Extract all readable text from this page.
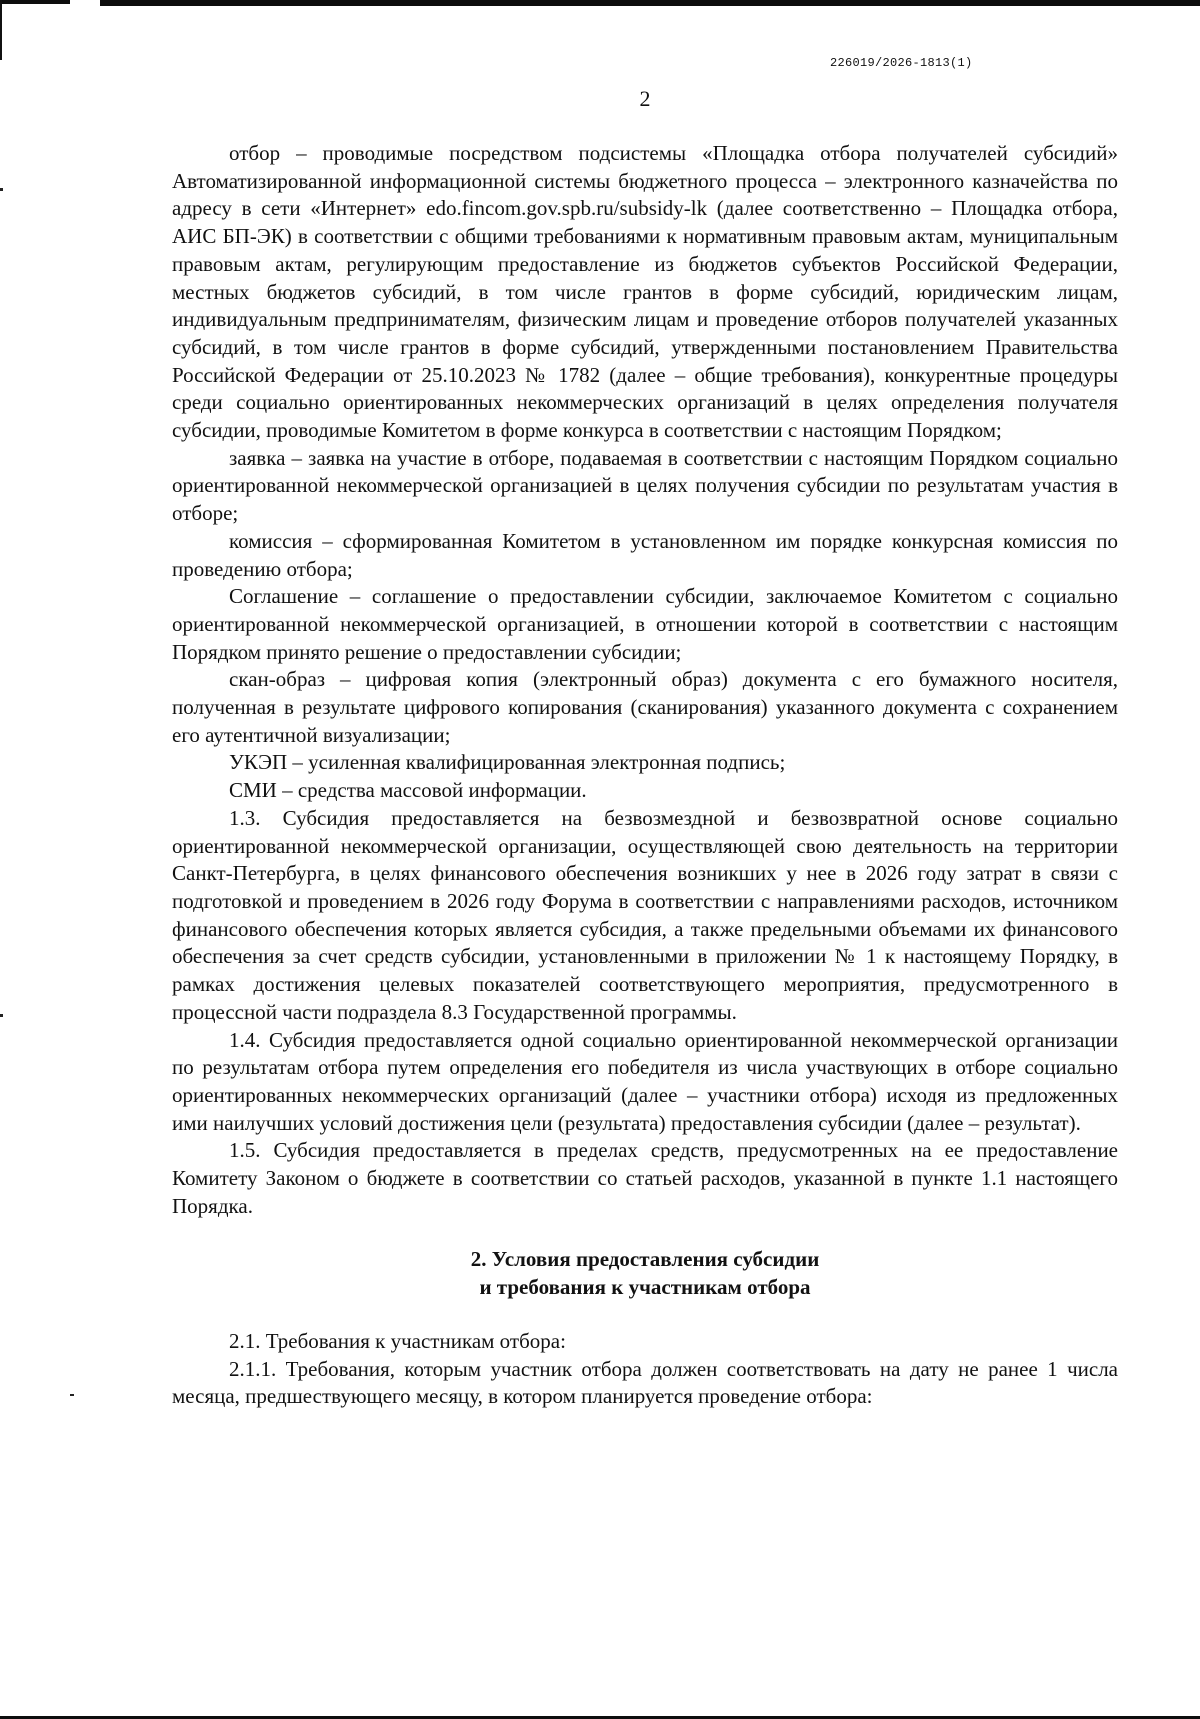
226019/2026-1813(1)
2

отбор – проводимые посредством подсистемы «Площадка отбора получателей субсидий» Автоматизированной информационной системы бюджетного процесса – электронного казначейства по адресу в сети «Интернет» edo.fincom.gov.spb.ru/subsidy-lk (далее соответственно – Площадка отбора, АИС БП-ЭК) в соответствии с общими требованиями к нормативным правовым актам, муниципальным правовым актам, регулирующим предоставление из бюджетов субъектов Российской Федерации, местных бюджетов субсидий, в том числе грантов в форме субсидий, юридическим лицам, индивидуальным предпринимателям, физическим лицам и проведение отборов получателей указанных субсидий, в том числе грантов в форме субсидий, утвержденными постановлением Правительства Российской Федерации от 25.10.2023 № 1782 (далее – общие требования), конкурентные процедуры среди социально ориентированных некоммерческих организаций в целях определения получателя субсидии, проводимые Комитетом в форме конкурса в соответствии с настоящим Порядком;

заявка – заявка на участие в отборе, подаваемая в соответствии с настоящим Порядком социально ориентированной некоммерческой организацией в целях получения субсидии по результатам участия в отборе;

комиссия – сформированная Комитетом в установленном им порядке конкурсная комиссия по проведению отбора;

Соглашение – соглашение о предоставлении субсидии, заключаемое Комитетом с социально ориентированной некоммерческой организацией, в отношении которой в соответствии с настоящим Порядком принято решение о предоставлении субсидии;

скан-образ – цифровая копия (электронный образ) документа с его бумажного носителя, полученная в результате цифрового копирования (сканирования) указанного документа с сохранением его аутентичной визуализации;

УКЭП – усиленная квалифицированная электронная подпись;

СМИ – средства массовой информации.

1.3. Субсидия предоставляется на безвозмездной и безвозвратной основе социально ориентированной некоммерческой организации, осуществляющей свою деятельность на территории Санкт-Петербурга, в целях финансового обеспечения возникших у нее в 2026 году затрат в связи с подготовкой и проведением в 2026 году Форума в соответствии с направлениями расходов, источником финансового обеспечения которых является субсидия, а также предельными объемами их финансового обеспечения за счет средств субсидии, установленными в приложении № 1 к настоящему Порядку, в рамках достижения целевых показателей соответствующего мероприятия, предусмотренного в процессной части подраздела 8.3 Государственной программы.

1.4. Субсидия предоставляется одной социально ориентированной некоммерческой организации по результатам отбора путем определения его победителя из числа участвующих в отборе социально ориентированных некоммерческих организаций (далее – участники отбора) исходя из предложенных ими наилучших условий достижения цели (результата) предоставления субсидии (далее – результат).

1.5. Субсидия предоставляется в пределах средств, предусмотренных на ее предоставление Комитету Законом о бюджете в соответствии со статьей расходов, указанной в пункте 1.1 настоящего Порядка.

2. Условия предоставления субсидии

и требования к участникам отбора

2.1. Требования к участникам отбора:

2.1.1. Требования, которым участник отбора должен соответствовать на дату не ранее 1 числа месяца, предшествующего месяцу, в котором планируется проведение отбора:
